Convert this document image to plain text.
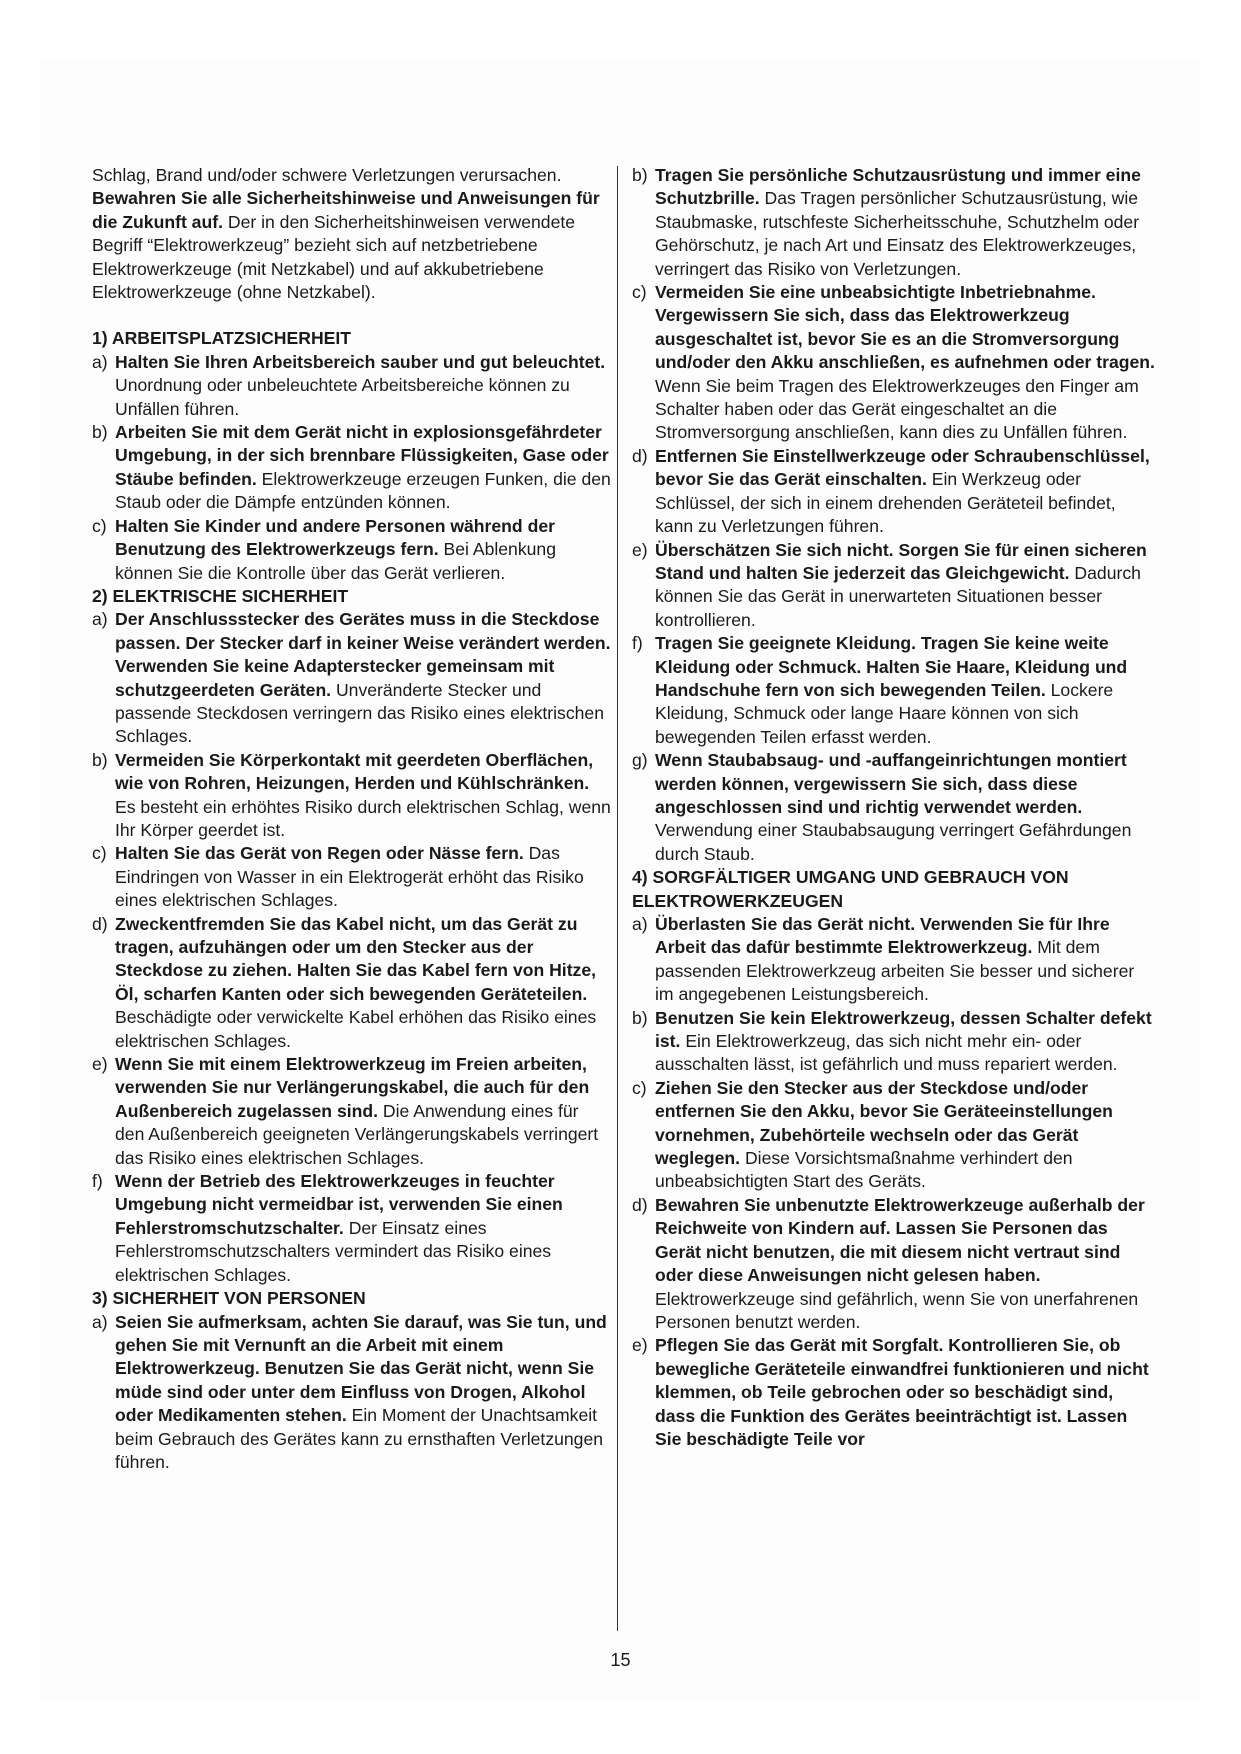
Schlag, Brand und/oder schwere Verletzungen verursachen. Bewahren Sie alle Sicherheitshinweise und Anweisungen für die Zukunft auf. Der in den Sicherheitshinweisen verwendete Begriff “Elektrowerkzeug” bezieht sich auf netzbetriebene Elektrowerkzeuge (mit Netzkabel) und auf akkubetriebene Elektrowerkzeuge (ohne Netzkabel).

1) ARBEITSPLATZSICHERHEIT

a) Halten Sie Ihren Arbeitsbereich sauber und gut beleuchtet. Unordnung oder unbeleuchtete Arbeitsbereiche können zu Unfällen führen.
b) Arbeiten Sie mit dem Gerät nicht in explosionsgefährdeter Umgebung, in der sich brennbare Flüssigkeiten, Gase oder Stäube befinden. Elektrowerkzeuge erzeugen Funken, die den Staub oder die Dämpfe entzünden können.
c) Halten Sie Kinder und andere Personen während der Benutzung des Elektrowerkzeugs fern. Bei Ablenkung können Sie die Kontrolle über das Gerät verlieren.

2) ELEKTRISCHE SICHERHEIT

a) Der Anschlussstecker des Gerätes muss in die Steckdose passen. Der Stecker darf in keiner Weise verändert werden. Verwenden Sie keine Adapterstecker gemeinsam mit schutzgeerdeten Geräten. Unveränderte Stecker und passende Steckdosen verringern das Risiko eines elektrischen Schlages.
b) Vermeiden Sie Körperkontakt mit geerdeten Oberflächen, wie von Rohren, Heizungen, Herden und Kühlschränken. Es besteht ein erhöhtes Risiko durch elektrischen Schlag, wenn Ihr Körper geerdet ist.
c) Halten Sie das Gerät von Regen oder Nässe fern. Das Eindringen von Wasser in ein Elektrogerät erhöht das Risiko eines elektrischen Schlages.
d) Zweckentfremden Sie das Kabel nicht, um das Gerät zu tragen, aufzuhängen oder um den Stecker aus der Steckdose zu ziehen. Halten Sie das Kabel fern von Hitze, Öl, scharfen Kanten oder sich bewegenden Geräteteilen. Beschädigte oder verwickelte Kabel erhöhen das Risiko eines elektrischen Schlages.
e) Wenn Sie mit einem Elektrowerkzeug im Freien arbeiten, verwenden Sie nur Verlängerungskabel, die auch für den Außenbereich zugelassen sind. Die Anwendung eines für den Außenbereich geeigneten Verlängerungskabels verringert das Risiko eines elektrischen Schlages.
f) Wenn der Betrieb des Elektrowerkzeuges in feuchter Umgebung nicht vermeidbar ist, verwenden Sie einen Fehlerstromschutzschalter. Der Einsatz eines Fehlerstromschutzschalters vermindert das Risiko eines elektrischen Schlages.

3) SICHERHEIT VON PERSONEN

a) Seien Sie aufmerksam, achten Sie darauf, was Sie tun, und gehen Sie mit Vernunft an die Arbeit mit einem Elektrowerkzeug. Benutzen Sie das Gerät nicht, wenn Sie müde sind oder unter dem Einfluss von Drogen, Alkohol oder Medikamenten stehen. Ein Moment der Unachtsamkeit beim Gebrauch des Gerätes kann zu ernsthaften Verletzungen führen.
b) Tragen Sie persönliche Schutzausrüstung und immer eine Schutzbrille. Das Tragen persönlicher Schutzausrüstung, wie Staubmaske, rutschfeste Sicherheitsschuhe, Schutzhelm oder Gehörschutz, je nach Art und Einsatz des Elektrowerkzeuges, verringert das Risiko von Verletzungen.
c) Vermeiden Sie eine unbeabsichtigte Inbetriebnahme. Vergewissern Sie sich, dass das Elektrowerkzeug ausgeschaltet ist, bevor Sie es an die Stromversorgung und/oder den Akku anschließen, es aufnehmen oder tragen. Wenn Sie beim Tragen des Elektrowerkzeuges den Finger am Schalter haben oder das Gerät eingeschaltet an die Stromversorgung anschließen, kann dies zu Unfällen führen.
d) Entfernen Sie Einstellwerkzeuge oder Schraubenschlüssel, bevor Sie das Gerät einschalten. Ein Werkzeug oder Schlüssel, der sich in einem drehenden Geräteteil befindet, kann zu Verletzungen führen.
e) Überschätzen Sie sich nicht. Sorgen Sie für einen sicheren Stand und halten Sie jederzeit das Gleichgewicht. Dadurch können Sie das Gerät in unerwarteten Situationen besser kontrollieren.
f) Tragen Sie geeignete Kleidung. Tragen Sie keine weite Kleidung oder Schmuck. Halten Sie Haare, Kleidung und Handschuhe fern von sich bewegenden Teilen. Lockere Kleidung, Schmuck oder lange Haare können von sich bewegenden Teilen erfasst werden.
g) Wenn Staubabsaug- und -auffangeinrichtungen montiert werden können, vergewissern Sie sich, dass diese angeschlossen sind und richtig verwendet werden. Verwendung einer Staubabsaugung verringert Gefährdungen durch Staub.

4) SORGFÄLTIGER UMGANG UND GEBRAUCH VON ELEKTROWERKZEUGEN

a) Überlasten Sie das Gerät nicht. Verwenden Sie für Ihre Arbeit das dafür bestimmte Elektrowerkzeug. Mit dem passenden Elektrowerkzeug arbeiten Sie besser und sicherer im angegebenen Leistungsbereich.
b) Benutzen Sie kein Elektrowerkzeug, dessen Schalter defekt ist. Ein Elektrowerkzeug, das sich nicht mehr ein- oder ausschalten lässt, ist gefährlich und muss repariert werden.
c) Ziehen Sie den Stecker aus der Steckdose und/oder entfernen Sie den Akku, bevor Sie Geräteeinstellungen vornehmen, Zubehörteile wechseln oder das Gerät weglegen. Diese Vorsichtsmaßnahme verhindert den unbeabsichtigten Start des Geräts.
d) Bewahren Sie unbenutzte Elektrowerkzeuge außerhalb der Reichweite von Kindern auf. Lassen Sie Personen das Gerät nicht benutzen, die mit diesem nicht vertraut sind oder diese Anweisungen nicht gelesen haben. Elektrowerkzeuge sind gefährlich, wenn Sie von unerfahrenen Personen benutzt werden.
e) Pflegen Sie das Gerät mit Sorgfalt. Kontrollieren Sie, ob bewegliche Geräteteile einwandfrei funktionieren und nicht klemmen, ob Teile gebrochen oder so beschädigt sind, dass die Funktion des Gerätes beeinträchtigt ist. Lassen Sie beschädigte Teile vor
15
